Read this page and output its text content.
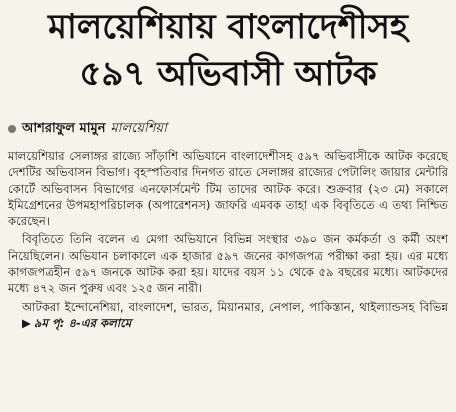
মালয়েশিয়ায় বাংলাদেশীসহ
৫৯৭ অভিবাসী আটক
আশরাফুল মামুন মালয়েশিয়া

মালয়েশিয়ার সেলাঙ্গর রাজ্যে সাঁড়াশি অভিযানে বাংলাদেশীসহ ৫৯৭ অভিবাসীকে আটক করেছে দেশটির অভিবাসন বিভাগ। বৃহস্পতিবার দিনগত রাতে সেলাঙ্গর রাজ্যের পেটালিং জায়ার মেন্টারি কোর্টে অভিবাসন বিভাগের এনফোর্সমেন্ট টিম তাদের আটক করে। শুক্রবার (২৩ মে) সকালে ইমিগ্রেশনের উপমহাপরিচালক (অপারেশনস) জাফরি এমবক তাহা এক বিবৃতিতে এ তথ্য নিশ্চিত করেছেন।

বিবৃতিতে তিনি বলেন এ মেগা অভিযানে বিভিন্ন সংস্থার ৩৯০ জন কর্মকর্তা ও কর্মী অংশ নিয়েছিলেন। অভিযান চলাকালে এক হাজার ৫৯৭ জনের কাগজপত্র পরীক্ষা করা হয়। এর মধ্যে কাগজপত্রহীন ৫৯৭ জনকে আটক করা হয়। যাদের বয়স ১১ থেকে ৫৯ বছরের মধ্যে। আটকদের মধ্যে ৪৭২ জন পুরুষ এবং ১২৫ জন নারী।

আটকরা ইন্দোনেশিয়া, বাংলাদেশ, ভারত, মিয়ানমার, নেপাল, পাকিস্তান, থাইল্যান্ডসহ বিভিন্ন ▶ ৯ম পৃ: ৪-এর কলামে
